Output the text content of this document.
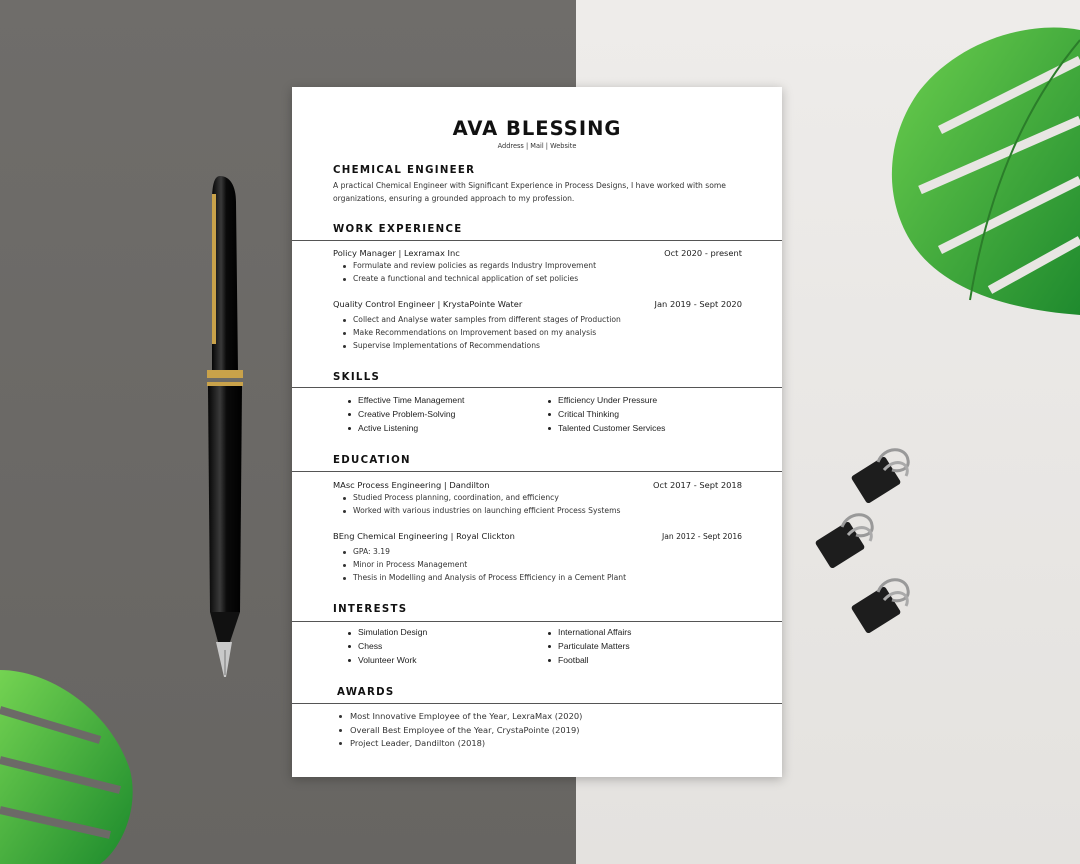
AVA BLESSING
Address | Mail | Website
CHEMICAL ENGINEER
A practical Chemical Engineer with Significant Experience in Process Designs, I have worked with some organizations, ensuring a grounded approach to my profession.
WORK EXPERIENCE
Policy Manager | Lexramax Inc	Oct 2020 - present
Formulate and review policies as regards Industry Improvement
Create a functional and technical application of set policies
Quality Control Engineer | KrystaPointe Water	Jan 2019 - Sept 2020
Collect and Analyse water samples from different stages of Production
Make Recommendations on Improvement based on my analysis
Supervise Implementations of Recommendations
SKILLS
Effective Time Management
Creative Problem-Solving
Active Listening
Efficiency Under Pressure
Critical Thinking
Talented Customer Services
EDUCATION
MAsc Process Engineering | Dandilton	Oct 2017 - Sept 2018
Studied Process planning, coordination, and efficiency
Worked with various industries on launching efficient Process Systems
BEng Chemical Engineering | Royal Clickton	Jan 2012 - Sept 2016
GPA: 3.19
Minor in Process Management
Thesis in Modelling and Analysis of Process Efficiency in a Cement Plant
INTERESTS
Simulation Design
Chess
Volunteer Work
International Affairs
Particulate Matters
Football
AWARDS
Most Innovative Employee of the Year, LexraMax (2020)
Overall Best Employee of the Year, CrystaPointe (2019)
Project Leader, Dandilton (2018)
